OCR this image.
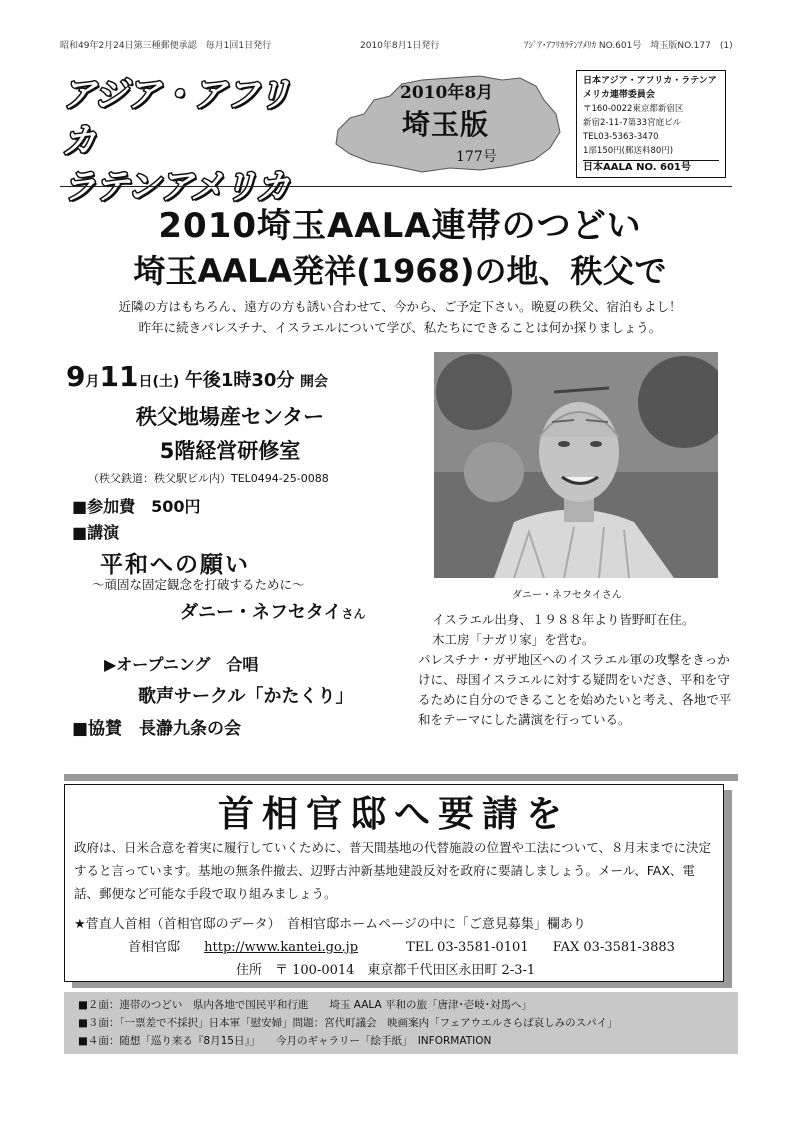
昭和49年2月24日第三種郵便承認　毎月1回1日発行	2010年8月1日発行	ｱｼﾞｱ･ｱﾌﾘｶﾗﾃﾝｱﾒﾘｶ NO.601号　埼玉版NO.177　(1)
アジア・アフリカ
ラテンアメリカ
2010年8月
埼玉版
177号
日本アジア・アフリカ・ラテンアメリカ連帯委員会
〒160-0022東京都新宿区
新宿2-11-7第33宮庭ビル
TEL03-5363-3470
1部150円(郵送料80円)
日本AALA NO. 601号
2010埼玉AALA連帯のつどい
埼玉AALA発祥(1968)の地、秩父で
近隣の方はもちろん、遠方の方も誘い合わせて、今から、ご予定下さい。晩夏の秩父、宿泊もよし！
昨年に続きパレスチナ、イスラエルについて学び、私たちにできることは何か探りましょう。
9月11日(土) 午後1時30分 開会
秩父地場産センター
5階経営研修室
（秩父鉄道：秩父駅ビル内）TEL0494-25-0088
■参加費　500円
■講演
平和への願い
～頑固な固定観念を打破するために～
ダニー・ネフセタイさん
▶オープニング　合唱
歌声サークル「かたくり」
■協賛　長瀞九条の会
ダニー・ネフセタイさん

イスラエル出身、１９８８年より皆野町在住。

木工房「ナガリ家」を営む。

パレスチナ・ガザ地区へのイスラエル軍の攻撃をきっかけに、母国イスラエルに対する疑問をいだき、平和を守るために自分のできることを始めたいと考え、各地で平和をテーマにした講演を行っている。

首相官邸へ要請を
政府は、日米合意を着実に履行していくために、普天間基地の代替施設の位置や工法について、８月末までに決定すると言っています。基地の無条件撤去、辺野古沖新基地建設反対を政府に要請しましょう。メール、FAX、電話、郵便など可能な手段で取り組みましょう。
★菅直人首相（首相官邸のデータ）　首相官邸ホームページの中に「ご意見募集」欄あり
首相官邸 http://www.kantei.go.jp	TEL 03-3581-0101 FAX 03-3581-3883
住所　〒 100-0014　東京都千代田区永田町 2-3-1
■２面：連帯のつどい　県内各地で国民平和行進　　埼玉 AALA 平和の旅「唐津･壱岐･対馬へ」
■３面：「一票差で不採択」日本軍「慰安婦」問題：宮代町議会　映画案内「フェアウエルさらば哀しみのスパイ」
■４面：随想「巡り来る『8月15日』」　　今月のギャラリー「絵手紙」　INFORMATION
